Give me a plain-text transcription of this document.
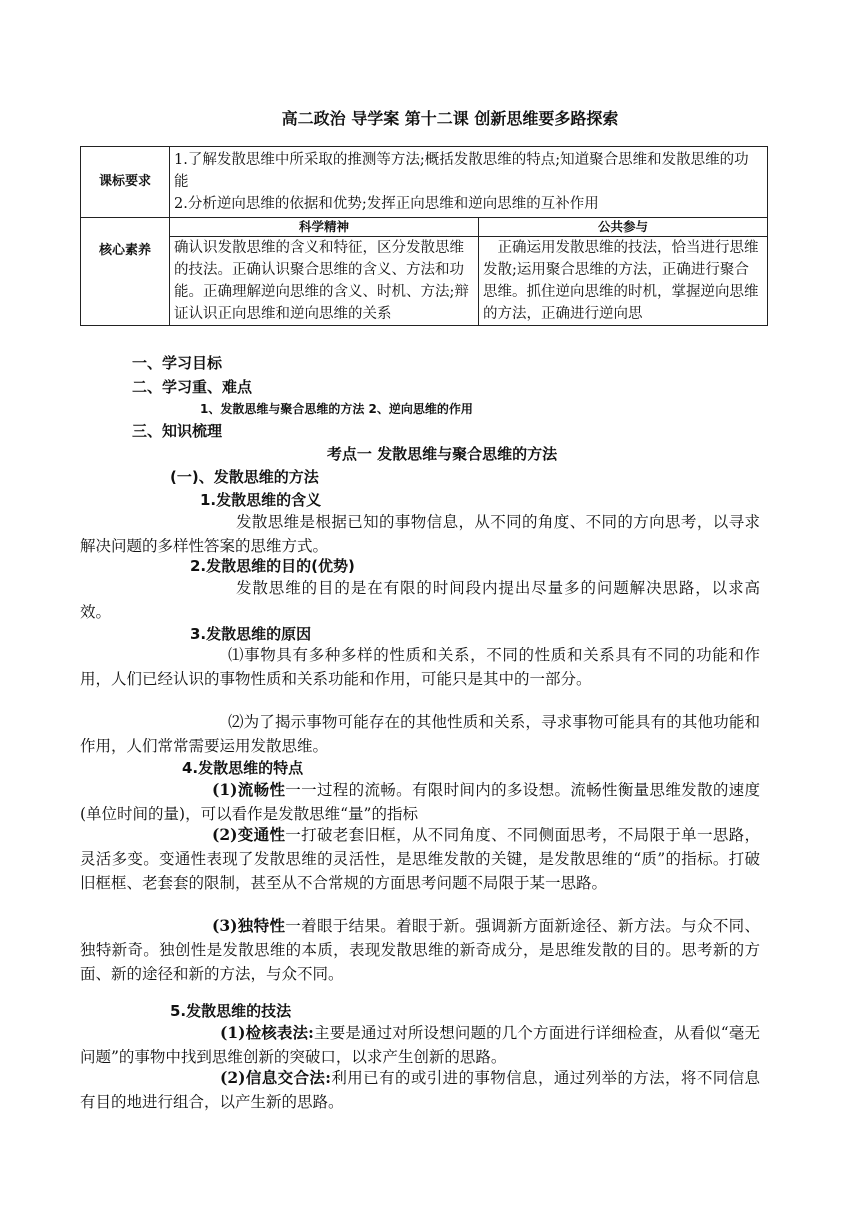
高二政治 导学案 第十二课 创新思维要多路探索
课标要求	1.了解发散思维中所采取的推测等方法;概括发散思维的特点;知道聚合思维和发散思维的功能
2.分析逆向思维的依据和优势;发挥正向思维和逆向思维的互补作用	

核心素养	科学精神	公共参与
	确认识发散思维的含义和特征，区分发散思维的技法。正确认识聚合思维的含义、方法和功能。正确理解逆向思维的含义、时机、方法;辩证认识正向思维和逆向思维的关系	　正确运用发散思维的技法，恰当进行思维发散;运用聚合思维的方法，正确进行聚合思维。抓住逆向思维的时机，掌握逆向思维的方法，正确进行逆向思
一、学习目标
二、学习重、难点
1、发散思维与聚合思维的方法 2、逆向思维的作用
三、知识梳理
考点一 发散思维与聚合思维的方法
(一)、发散思维的方法
1.发散思维的含义
发散思维是根据已知的事物信息，从不同的角度、不同的方向思考，以寻求解决问题的多样性答案的思维方式。
2.发散思维的目的(优势)
发散思维的目的是在有限的时间段内提出尽量多的问题解决思路，以求高效。
3.发散思维的原因
⑴事物具有多种多样的性质和关系，不同的性质和关系具有不同的功能和作用，人们已经认识的事物性质和关系功能和作用，可能只是其中的一部分。
⑵为了揭示事物可能存在的其他性质和关系，寻求事物可能具有的其他功能和作用，人们常常需要运用发散思维。
4.发散思维的特点
(1)流畅性一一过程的流畅。有限时间内的多设想。流畅性衡量思维发散的速度(单位时间的量)，可以看作是发散思维“量”的指标
(2)变通性一打破老套旧框，从不同角度、不同侧面思考，不局限于单一思路，灵活多变。变通性表现了发散思维的灵活性，是思维发散的关键，是发散思维的“质”的指标。打破旧框框、老套套的限制，甚至从不合常规的方面思考问题不局限于某一思路。
(3)独特性一着眼于结果。着眼于新。强调新方面新途径、新方法。与众不同、独特新奇。独创性是发散思维的本质，表现发散思维的新奇成分，是思维发散的目的。思考新的方面、新的途径和新的方法，与众不同。
5.发散思维的技法
(1)检核表法:主要是通过对所设想问题的几个方面进行详细检查，从看似“毫无问题”的事物中找到思维创新的突破口，以求产生创新的思路。
(2)信息交合法:利用已有的或引进的事物信息，通过列举的方法，将不同信息有目的地进行组合，以产生新的思路。
